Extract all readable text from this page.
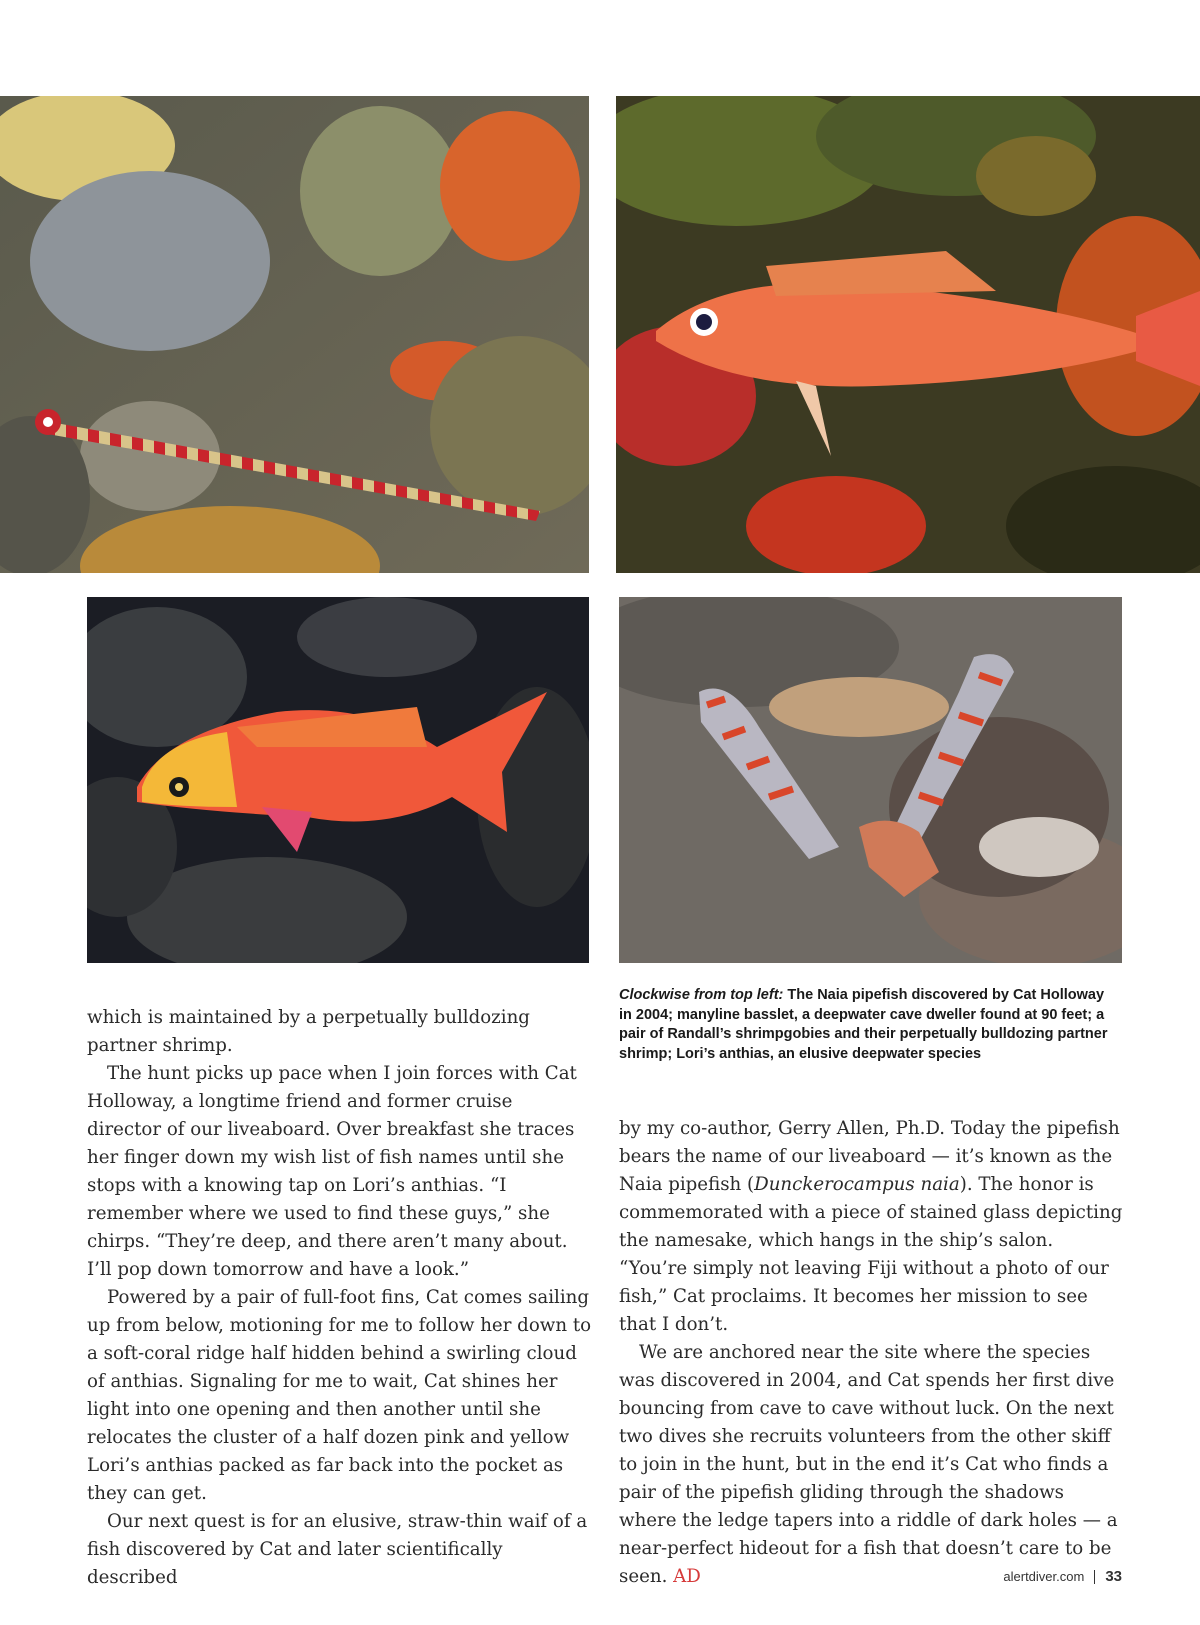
Clockwise from top left: The Naia pipefish discovered by Cat Holloway in 2004; manyline basslet, a deepwater cave dweller found at 90 feet; a pair of Randall’s shrimpgobies and their perpetually bulldozing partner shrimp; Lori’s anthias, an elusive deepwater species

which is maintained by a perpetually bulldozing partner shrimp.

The hunt picks up pace when I join forces with Cat Holloway, a longtime friend and former cruise director of our liveaboard. Over breakfast she traces her finger down my wish list of fish names until she stops with a knowing tap on Lori’s anthias. “I remember where we used to find these guys,” she chirps. “They’re deep, and there aren’t many about. I’ll pop down tomorrow and have a look.”

Powered by a pair of full-foot fins, Cat comes sailing up from below, motioning for me to follow her down to a soft-coral ridge half hidden behind a swirling cloud of anthias. Signaling for me to wait, Cat shines her light into one opening and then another until she relocates the cluster of a half dozen pink and yellow Lori’s anthias packed as far back into the pocket as they can get.

Our next quest is for an elusive, straw-thin waif of a fish discovered by Cat and later scientifically described

by my co-author, Gerry Allen, Ph.D. Today the pipefish bears the name of our liveaboard — it’s known as the Naia pipefish (Dunckerocampus naia). The honor is commemorated with a piece of stained glass depicting the namesake, which hangs in the ship’s salon. “You’re simply not leaving Fiji without a photo of our fish,” Cat proclaims. It becomes her mission to see that I don’t.

We are anchored near the site where the species was discovered in 2004, and Cat spends her first dive bouncing from cave to cave without luck. On the next two dives she recruits volunteers from the other skiff to join in the hunt, but in the end it’s Cat who finds a pair of the pipefish gliding through the shadows where the ledge tapers into a riddle of dark holes — a near-perfect hideout for a fish that doesn’t care to be seen. AD	alertdiver.com 33
